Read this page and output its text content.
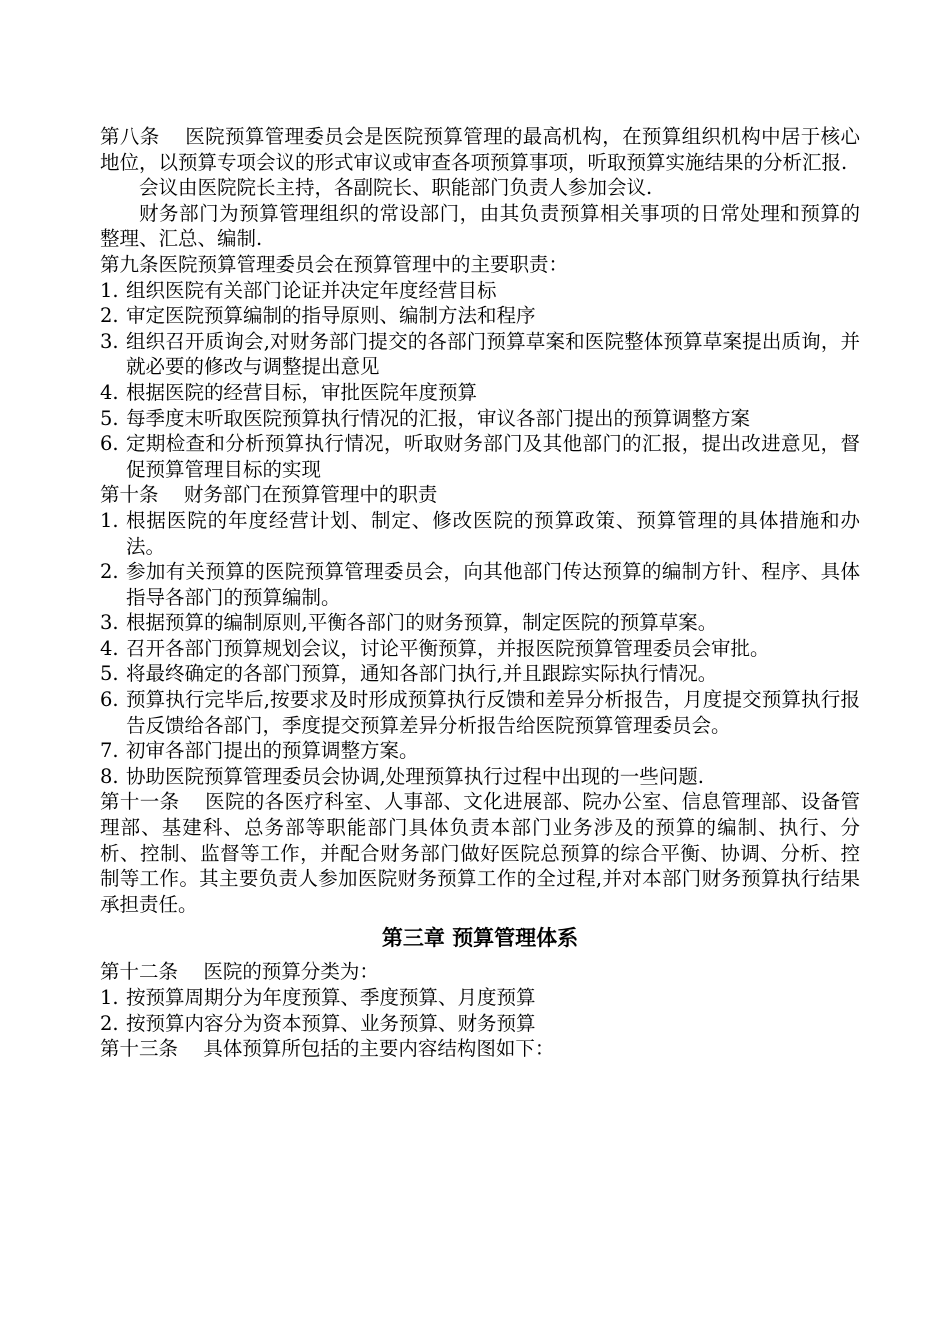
第八条 医院预算管理委员会是医院预算管理的最高机构，在预算组织机构中居于核心地位，以预算专项会议的形式审议或审查各项预算事项，听取预算实施结果的分析汇报.

会议由医院院长主持，各副院长、职能部门负责人参加会议.

财务部门为预算管理组织的常设部门，由其负责预算相关事项的日常处理和预算的整理、汇总、编制.

第九条医院预算管理委员会在预算管理中的主要职责：

1. 组织医院有关部门论证并决定年度经营目标
2. 审定医院预算编制的指导原则、编制方法和程序
3. 组织召开质询会,对财务部门提交的各部门预算草案和医院整体预算草案提出质询，并就必要的修改与调整提出意见
4. 根据医院的经营目标，审批医院年度预算
5. 每季度末听取医院预算执行情况的汇报，审议各部门提出的预算调整方案
6. 定期检查和分析预算执行情况，听取财务部门及其他部门的汇报，提出改进意见，督促预算管理目标的实现

第十条 财务部门在预算管理中的职责

1. 根据医院的年度经营计划、制定、修改医院的预算政策、预算管理的具体措施和办法。
2. 参加有关预算的医院预算管理委员会，向其他部门传达预算的编制方针、程序、具体指导各部门的预算编制。
3. 根据预算的编制原则,平衡各部门的财务预算，制定医院的预算草案。
4. 召开各部门预算规划会议，讨论平衡预算，并报医院预算管理委员会审批。
5. 将最终确定的各部门预算，通知各部门执行,并且跟踪实际执行情况。
6. 预算执行完毕后,按要求及时形成预算执行反馈和差异分析报告，月度提交预算执行报告反馈给各部门，季度提交预算差异分析报告给医院预算管理委员会。
7. 初审各部门提出的预算调整方案。
8. 协助医院预算管理委员会协调,处理预算执行过程中出现的一些问题.

第十一条 医院的各医疗科室、人事部、文化进展部、院办公室、信息管理部、设备管理部、基建科、总务部等职能部门具体负责本部门业务涉及的预算的编制、执行、分析、控制、监督等工作，并配合财务部门做好医院总预算的综合平衡、协调、分析、控制等工作。其主要负责人参加医院财务预算工作的全过程,并对本部门财务预算执行结果承担责任。

第三章 预算管理体系

第十二条 医院的预算分类为：

1. 按预算周期分为年度预算、季度预算、月度预算
2. 按预算内容分为资本预算、业务预算、财务预算

第十三条 具体预算所包括的主要内容结构图如下：
